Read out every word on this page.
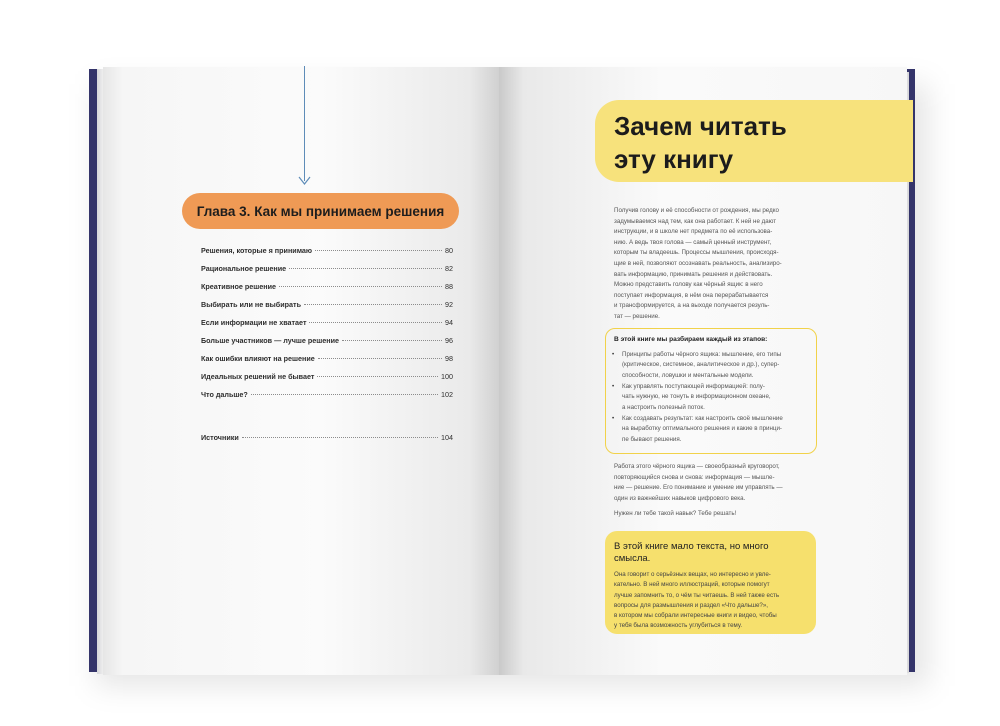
Глава 3. Как мы принимаем решения
Решения, которые я принимаю	80
Рациональное решение	82
Креативное решение	88
Выбирать или не выбирать	92
Если информации не хватает	94
Больше участников — лучше решение	96
Как ошибки влияют на решение	98
Идеальных решений не бывает	100
Что дальше?	102
Источники	104
Зачем читать
эту книгу

Получив голову и её способности от рождения, мы редко
задумываемся над тем, как она работает. К ней не дают
инструкции, и в школе нет предмета по её использова-
нию. А ведь твоя голова — самый ценный инструмент,
которым ты владеешь. Процессы мышления, происходя-
щие в ней, позволяют осознавать реальность, анализиро-
вать информацию, принимать решения и действовать.

Можно представить голову как чёрный ящик: в него
поступает информация, в нём она перерабатывается
и трансформируется, а на выходе получается резуль-
тат — решение.

В этой книге мы разбираем каждый из этапов:
•	Принципы работы чёрного ящика: мышление, его типы
(критическое, системное, аналитическое и др.), супер-
способности, ловушки и ментальные модели.
•	Как управлять поступающей информацией: полу-
чать нужную, не тонуть в информационном океане,
а настроить полезный поток.
•	Как создавать результат: как настроить своё мышление
на выработку оптимального решения и какие в принци-
пе бывают решения.

Работа этого чёрного ящика — своеобразный круговорот,
повторяющийся снова и снова: информация — мышле-
ние — решение. Его понимание и умение им управлять —
один из важнейших навыков цифрового века.

Нужен ли тебе такой навык? Тебе решать!

В этой книге мало текста, но много
смысла.

Она говорит о серьёзных вещах, но интересно и увле-
кательно. В ней много иллюстраций, которые помогут
лучше запомнить то, о чём ты читаешь. В ней также есть
вопросы для размышления и раздел «Что дальше?»,
в котором мы собрали интересные книги и видео, чтобы
у тебя была возможность углубиться в тему.
